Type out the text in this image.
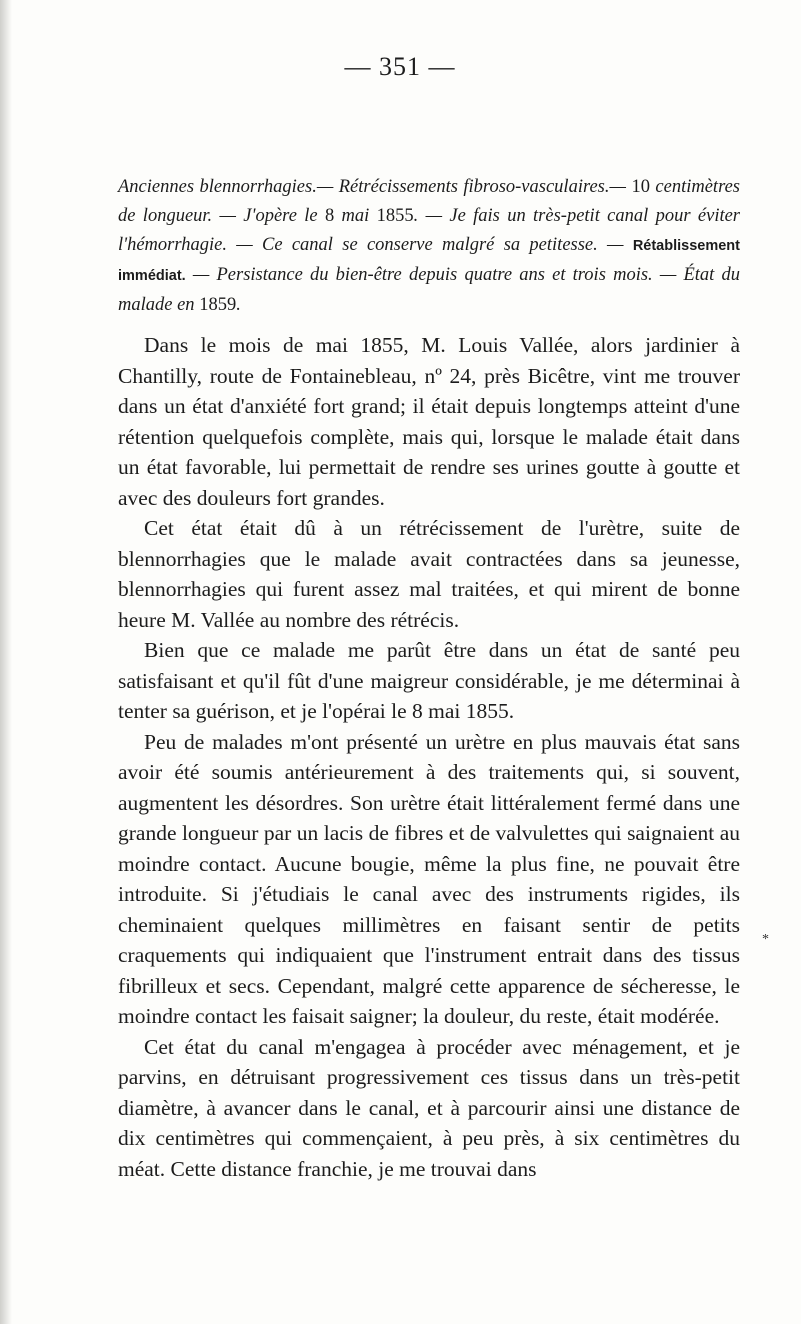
— 351 —
Anciennes blennorrhagies.— Rétrécissements fibroso-vasculaires.— 10 centimètres de longueur. — J'opère le 8 mai 1855. — Je fais un très-petit canal pour éviter l'hémorrhagie. — Ce canal se conserve malgré sa petitesse. — Rétablissement immédiat. — Persistance du bien-être depuis quatre ans et trois mois. — État du malade en 1859.

Dans le mois de mai 1855, M. Louis Vallée, alors jardinier à Chantilly, route de Fontainebleau, nº 24, près Bicêtre, vint me trouver dans un état d'anxiété fort grand; il était depuis longtemps atteint d'une rétention quelquefois complète, mais qui, lorsque le malade était dans un état favorable, lui permettait de rendre ses urines goutte à goutte et avec des douleurs fort grandes.

Cet état était dû à un rétrécissement de l'urètre, suite de blennorrhagies que le malade avait contractées dans sa jeunesse, blennorrhagies qui furent assez mal traitées, et qui mirent de bonne heure M. Vallée au nombre des rétrécis.

Bien que ce malade me parût être dans un état de santé peu satisfaisant et qu'il fût d'une maigreur considérable, je me déterminai à tenter sa guérison, et je l'opérai le 8 mai 1855.

Peu de malades m'ont présenté un urètre en plus mauvais état sans avoir été soumis antérieurement à des traitements qui, si souvent, augmentent les désordres. Son urètre était littéralement fermé dans une grande longueur par un lacis de fibres et de valvulettes qui saignaient au moindre contact. Aucune bougie, même la plus fine, ne pouvait être introduite. Si j'étudiais le canal avec des instruments rigides, ils cheminaient quelques millimètres en faisant sentir de petits craquements qui indiquaient que l'instrument entrait dans des tissus fibrilleux et secs. Cependant, malgré cette apparence de sécheresse, le moindre contact les faisait saigner; la douleur, du reste, était modérée.

Cet état du canal m'engagea à procéder avec ménagement, et je parvins, en détruisant progressivement ces tissus dans un très-petit diamètre, à avancer dans le canal, et à parcourir ainsi une distance de dix centimètres qui commençaient, à peu près, à six centimètres du méat. Cette distance franchie, je me trouvai dans

*
